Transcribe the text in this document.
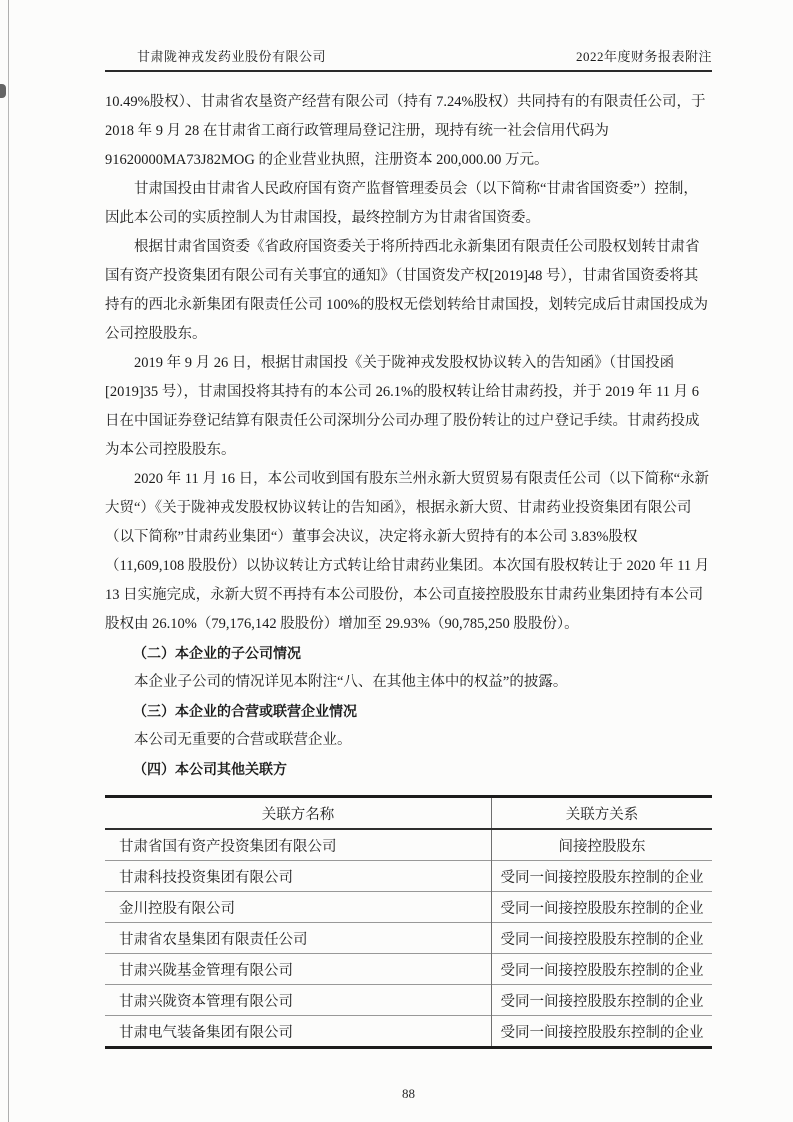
甘肃陇神戎发药业股份有限公司	2022年度财务报表附注

10.49%股权）、甘肃省农垦资产经营有限公司（持有 7.24%股权）共同持有的有限责任公司，于 2018 年 9 月 28 在甘肃省工商行政管理局登记注册，现持有统一社会信用代码为 91620000MA73J82MOG 的企业营业执照，注册资本 200,000.00 万元。

甘肃国投由甘肃省人民政府国有资产监督管理委员会（以下简称“甘肃省国资委”）控制，因此本公司的实质控制人为甘肃国投，最终控制方为甘肃省国资委。

根据甘肃省国资委《省政府国资委关于将所持西北永新集团有限责任公司股权划转甘肃省国有资产投资集团有限公司有关事宜的通知》（甘国资发产权[2019]48 号），甘肃省国资委将其持有的西北永新集团有限责任公司 100%的股权无偿划转给甘肃国投，划转完成后甘肃国投成为公司控股股东。

2019 年 9 月 26 日，根据甘肃国投《关于陇神戎发股权协议转入的告知函》（甘国投函[2019]35 号），甘肃国投将其持有的本公司 26.1%的股权转让给甘肃药投，并于 2019 年 11 月 6 日在中国证券登记结算有限责任公司深圳分公司办理了股份转让的过户登记手续。甘肃药投成为本公司控股股东。

2020 年 11 月 16 日，本公司收到国有股东兰州永新大贸贸易有限责任公司（以下简称“永新大贸“）《关于陇神戎发股权协议转让的告知函》，根据永新大贸、甘肃药业投资集团有限公司（以下简称”甘肃药业集团“）董事会决议，决定将永新大贸持有的本公司 3.83%股权（11,609,108 股股份）以协议转让方式转让给甘肃药业集团。本次国有股权转让于 2020 年 11 月 13 日实施完成，永新大贸不再持有本公司股份，本公司直接控股股东甘肃药业集团持有本公司股权由 26.10%（79,176,142 股股份）增加至 29.93%（90,785,250 股股份）。

（二）本企业的子公司情况

本企业子公司的情况详见本附注“八、在其他主体中的权益”的披露。

（三）本企业的合营或联营企业情况

本公司无重要的合营或联营企业。

（四）本公司其他关联方

关联方名称	关联方关系
甘肃省国有资产投资集团有限公司	间接控股股东
甘肃科技投资集团有限公司	受同一间接控股股东控制的企业
金川控股有限公司	受同一间接控股股东控制的企业
甘肃省农垦集团有限责任公司	受同一间接控股股东控制的企业
甘肃兴陇基金管理有限公司	受同一间接控股股东控制的企业
甘肃兴陇资本管理有限公司	受同一间接控股股东控制的企业
甘肃电气装备集团有限公司	受同一间接控股股东控制的企业
88
